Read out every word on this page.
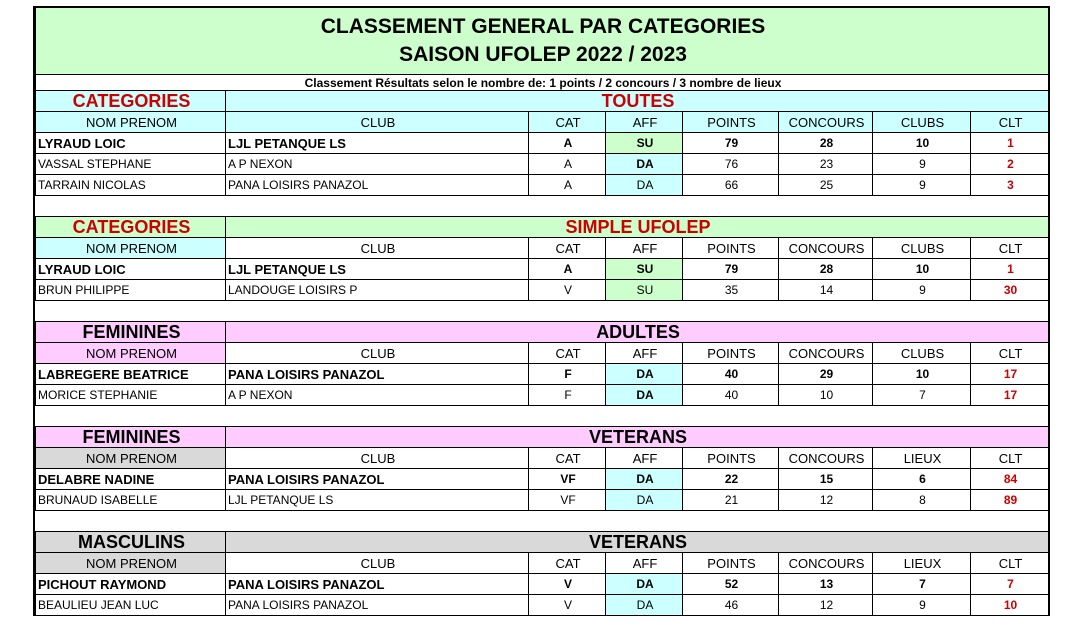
CLASSEMENT GENERAL PAR CATEGORIES
SAISON UFOLEP 2022 / 2023							

Classement Résultats selon le nombre de: 1 points / 2 concours / 3 nombre de lieux							
CATEGORIES	TOUTES						
NOM PRENOM	CLUB	CAT	AFF	POINTS	CONCOURS	CLUBS	CLT
LYRAUD LOIC	LJL PETANQUE LS	A	SU	79	28	10	1
VASSAL STEPHANE	A P NEXON	A	DA	76	23	9	2
TARRAIN NICOLAS	PANA LOISIRS PANAZOL	A	DA	66	25	9	3

CATEGORIES	SIMPLE UFOLEP						
NOM PRENOM	CLUB	CAT	AFF	POINTS	CONCOURS	CLUBS	CLT
LYRAUD LOIC	LJL PETANQUE LS	A	SU	79	28	10	1
BRUN PHILIPPE	LANDOUGE LOISIRS P	V	SU	35	14	9	30

FEMININES	ADULTES						
NOM PRENOM	CLUB	CAT	AFF	POINTS	CONCOURS	CLUBS	CLT
LABREGERE BEATRICE	PANA LOISIRS PANAZOL	F	DA	40	29	10	17
MORICE STEPHANIE	A P NEXON	F	DA	40	10	7	17

FEMININES	VETERANS						
NOM PRENOM	CLUB	CAT	AFF	POINTS	CONCOURS	LIEUX	CLT
DELABRE NADINE	PANA LOISIRS PANAZOL	VF	DA	22	15	6	84
BRUNAUD ISABELLE	LJL PETANQUE LS	VF	DA	21	12	8	89

MASCULINS	VETERANS						
NOM PRENOM	CLUB	CAT	AFF	POINTS	CONCOURS	LIEUX	CLT
PICHOUT RAYMOND	PANA LOISIRS PANAZOL	V	DA	52	13	7	7
BEAULIEU JEAN LUC	PANA LOISIRS PANAZOL	V	DA	46	12	9	10
